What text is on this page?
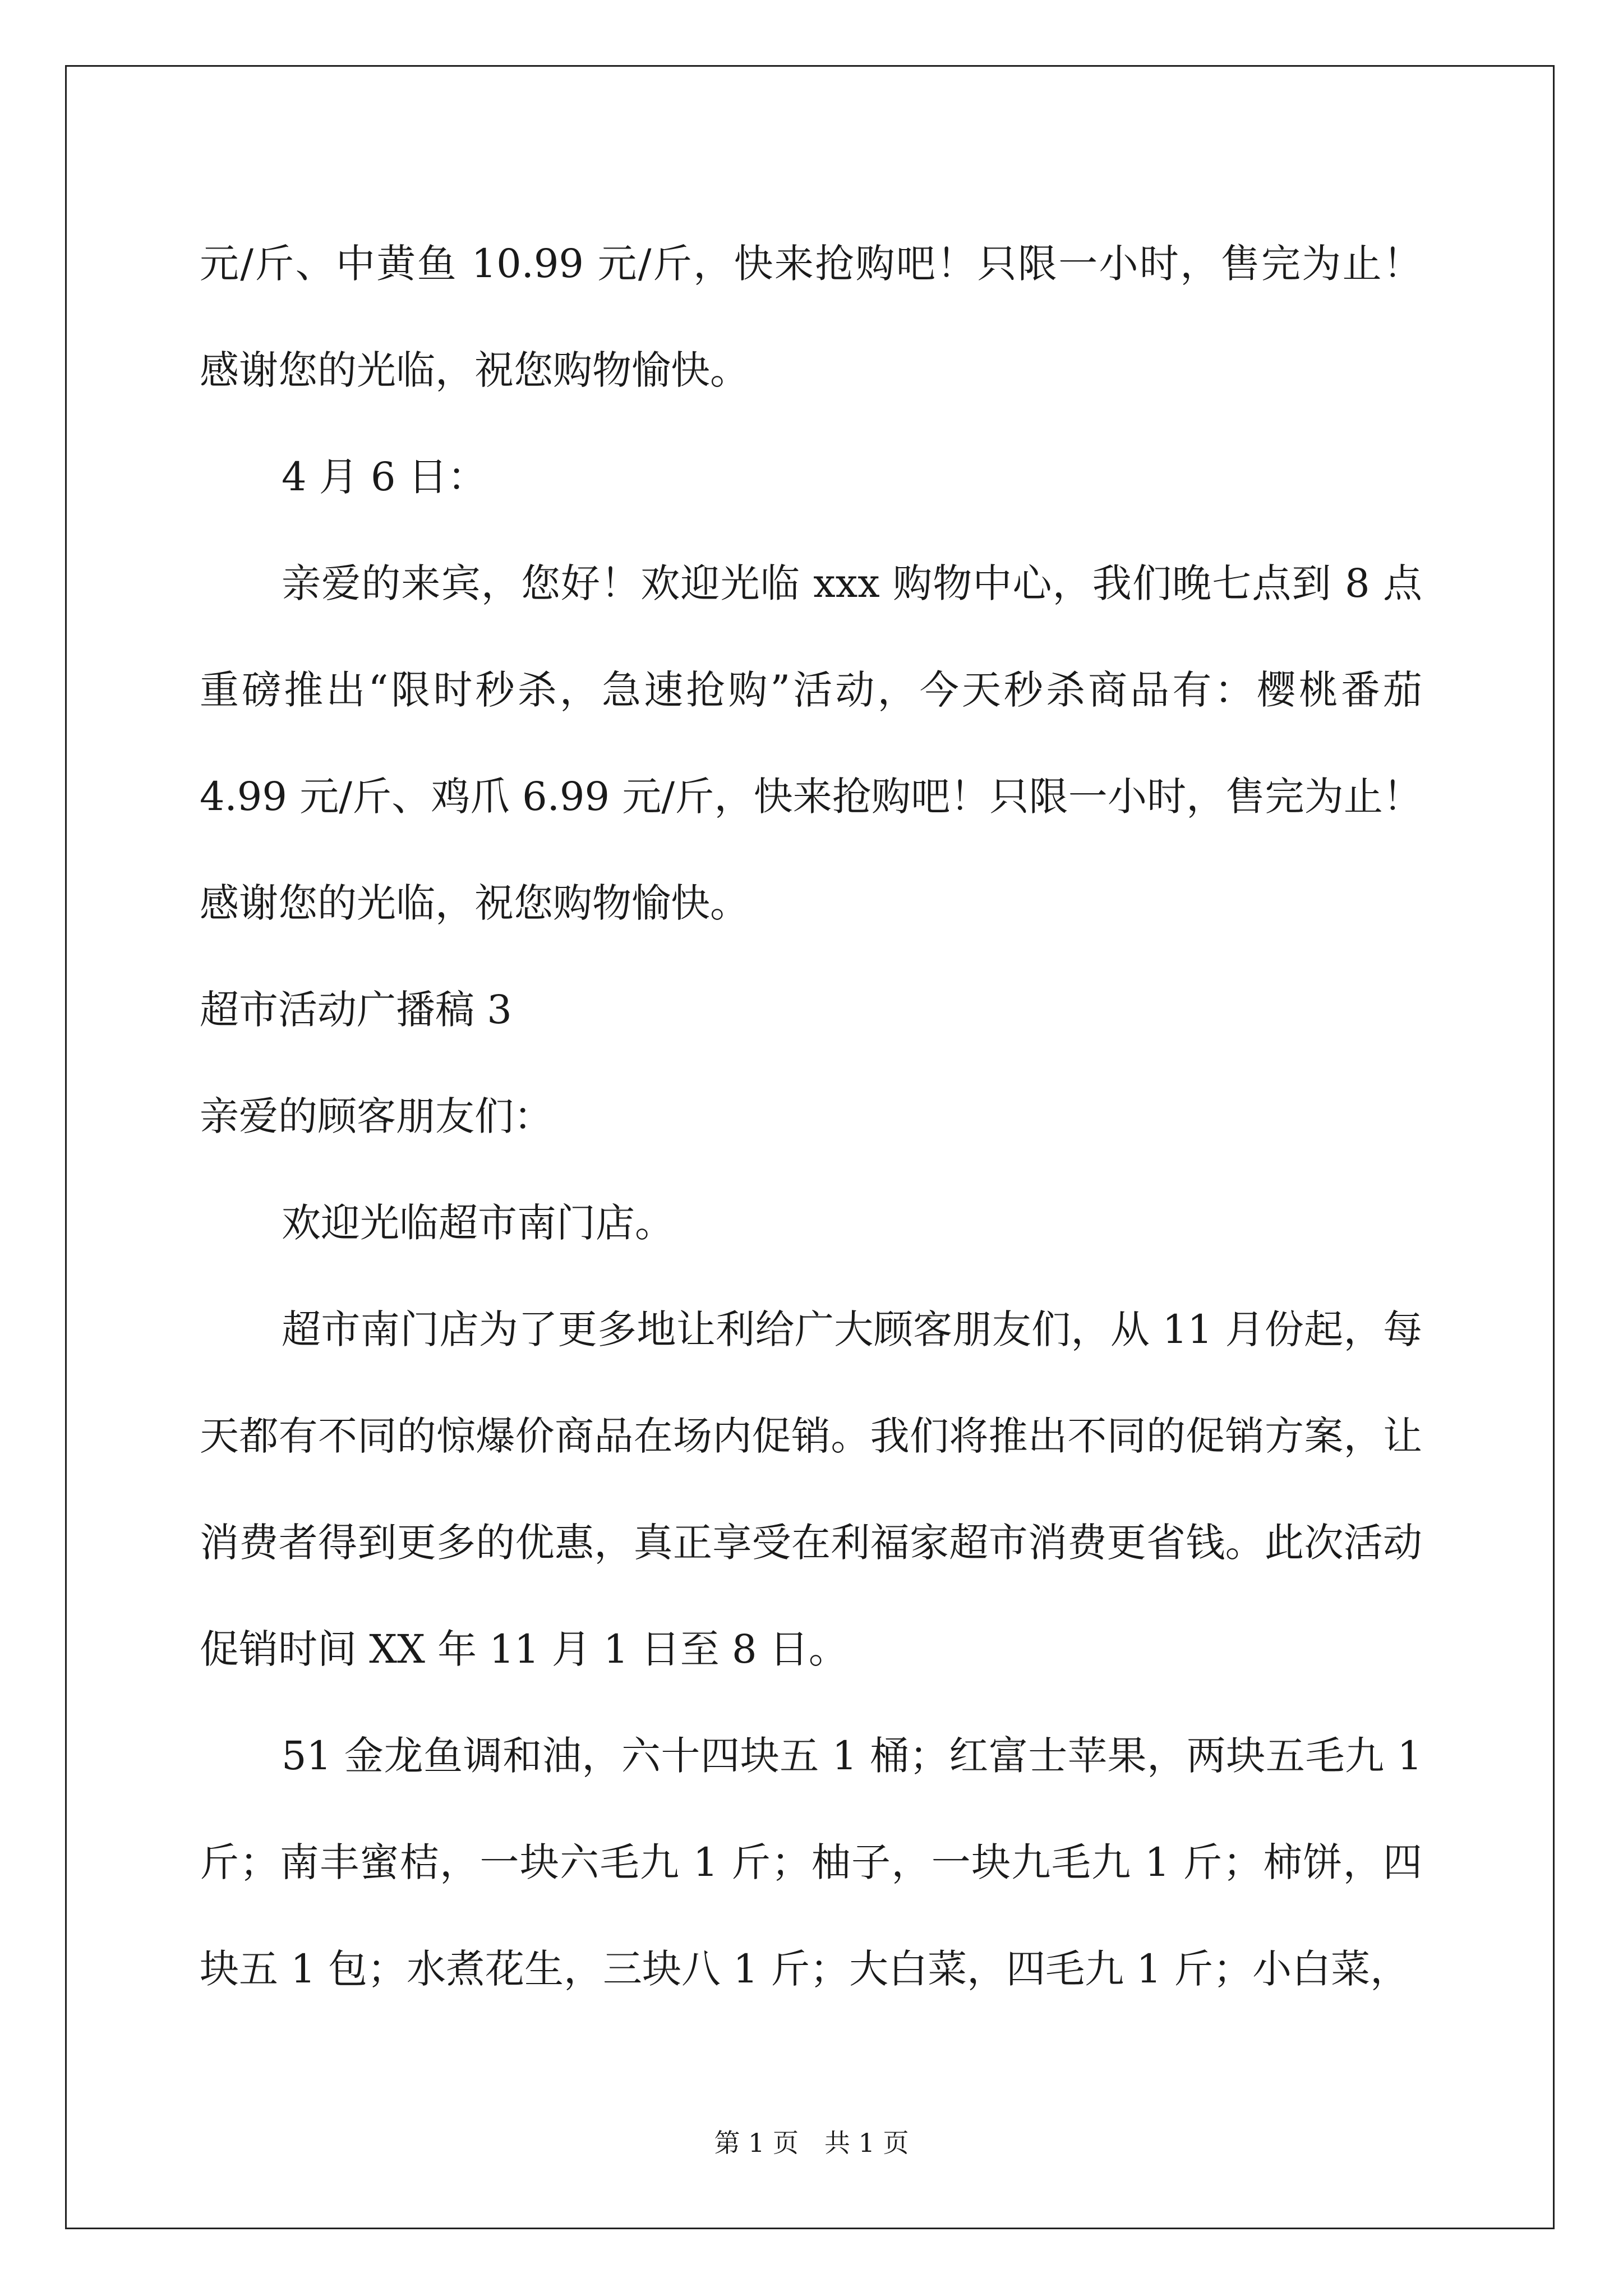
元/斤、中黄鱼 10.99 元/斤，快来抢购吧！只限一小时，售完为止！感谢您的光临，祝您购物愉快。

4 月 6 日：

亲爱的来宾，您好！欢迎光临 xxx 购物中心，我们晚七点到 8 点重磅推出“限时秒杀，急速抢购”活动，今天秒杀商品有：樱桃番茄 4.99 元/斤、鸡爪 6.99 元/斤，快来抢购吧！只限一小时，售完为止！感谢您的光临，祝您购物愉快。

超市活动广播稿 3

亲爱的顾客朋友们：

欢迎光临超市南门店。

超市南门店为了更多地让利给广大顾客朋友们，从 11 月份起，每天都有不同的惊爆价商品在场内促销。我们将推出不同的促销方案，让消费者得到更多的优惠，真正享受在利福家超市消费更省钱。此次活动促销时间 XX 年 11 月 1 日至 8 日。

51 金龙鱼调和油，六十四块五 1 桶；红富士苹果，两块五毛九 1 斤；南丰蜜桔，一块六毛九 1 斤；柚子，一块九毛九 1 斤；柿饼，四块五 1 包；水煮花生，三块八 1 斤；大白菜，四毛九 1 斤；小白菜，

第 1 页　共 1 页
